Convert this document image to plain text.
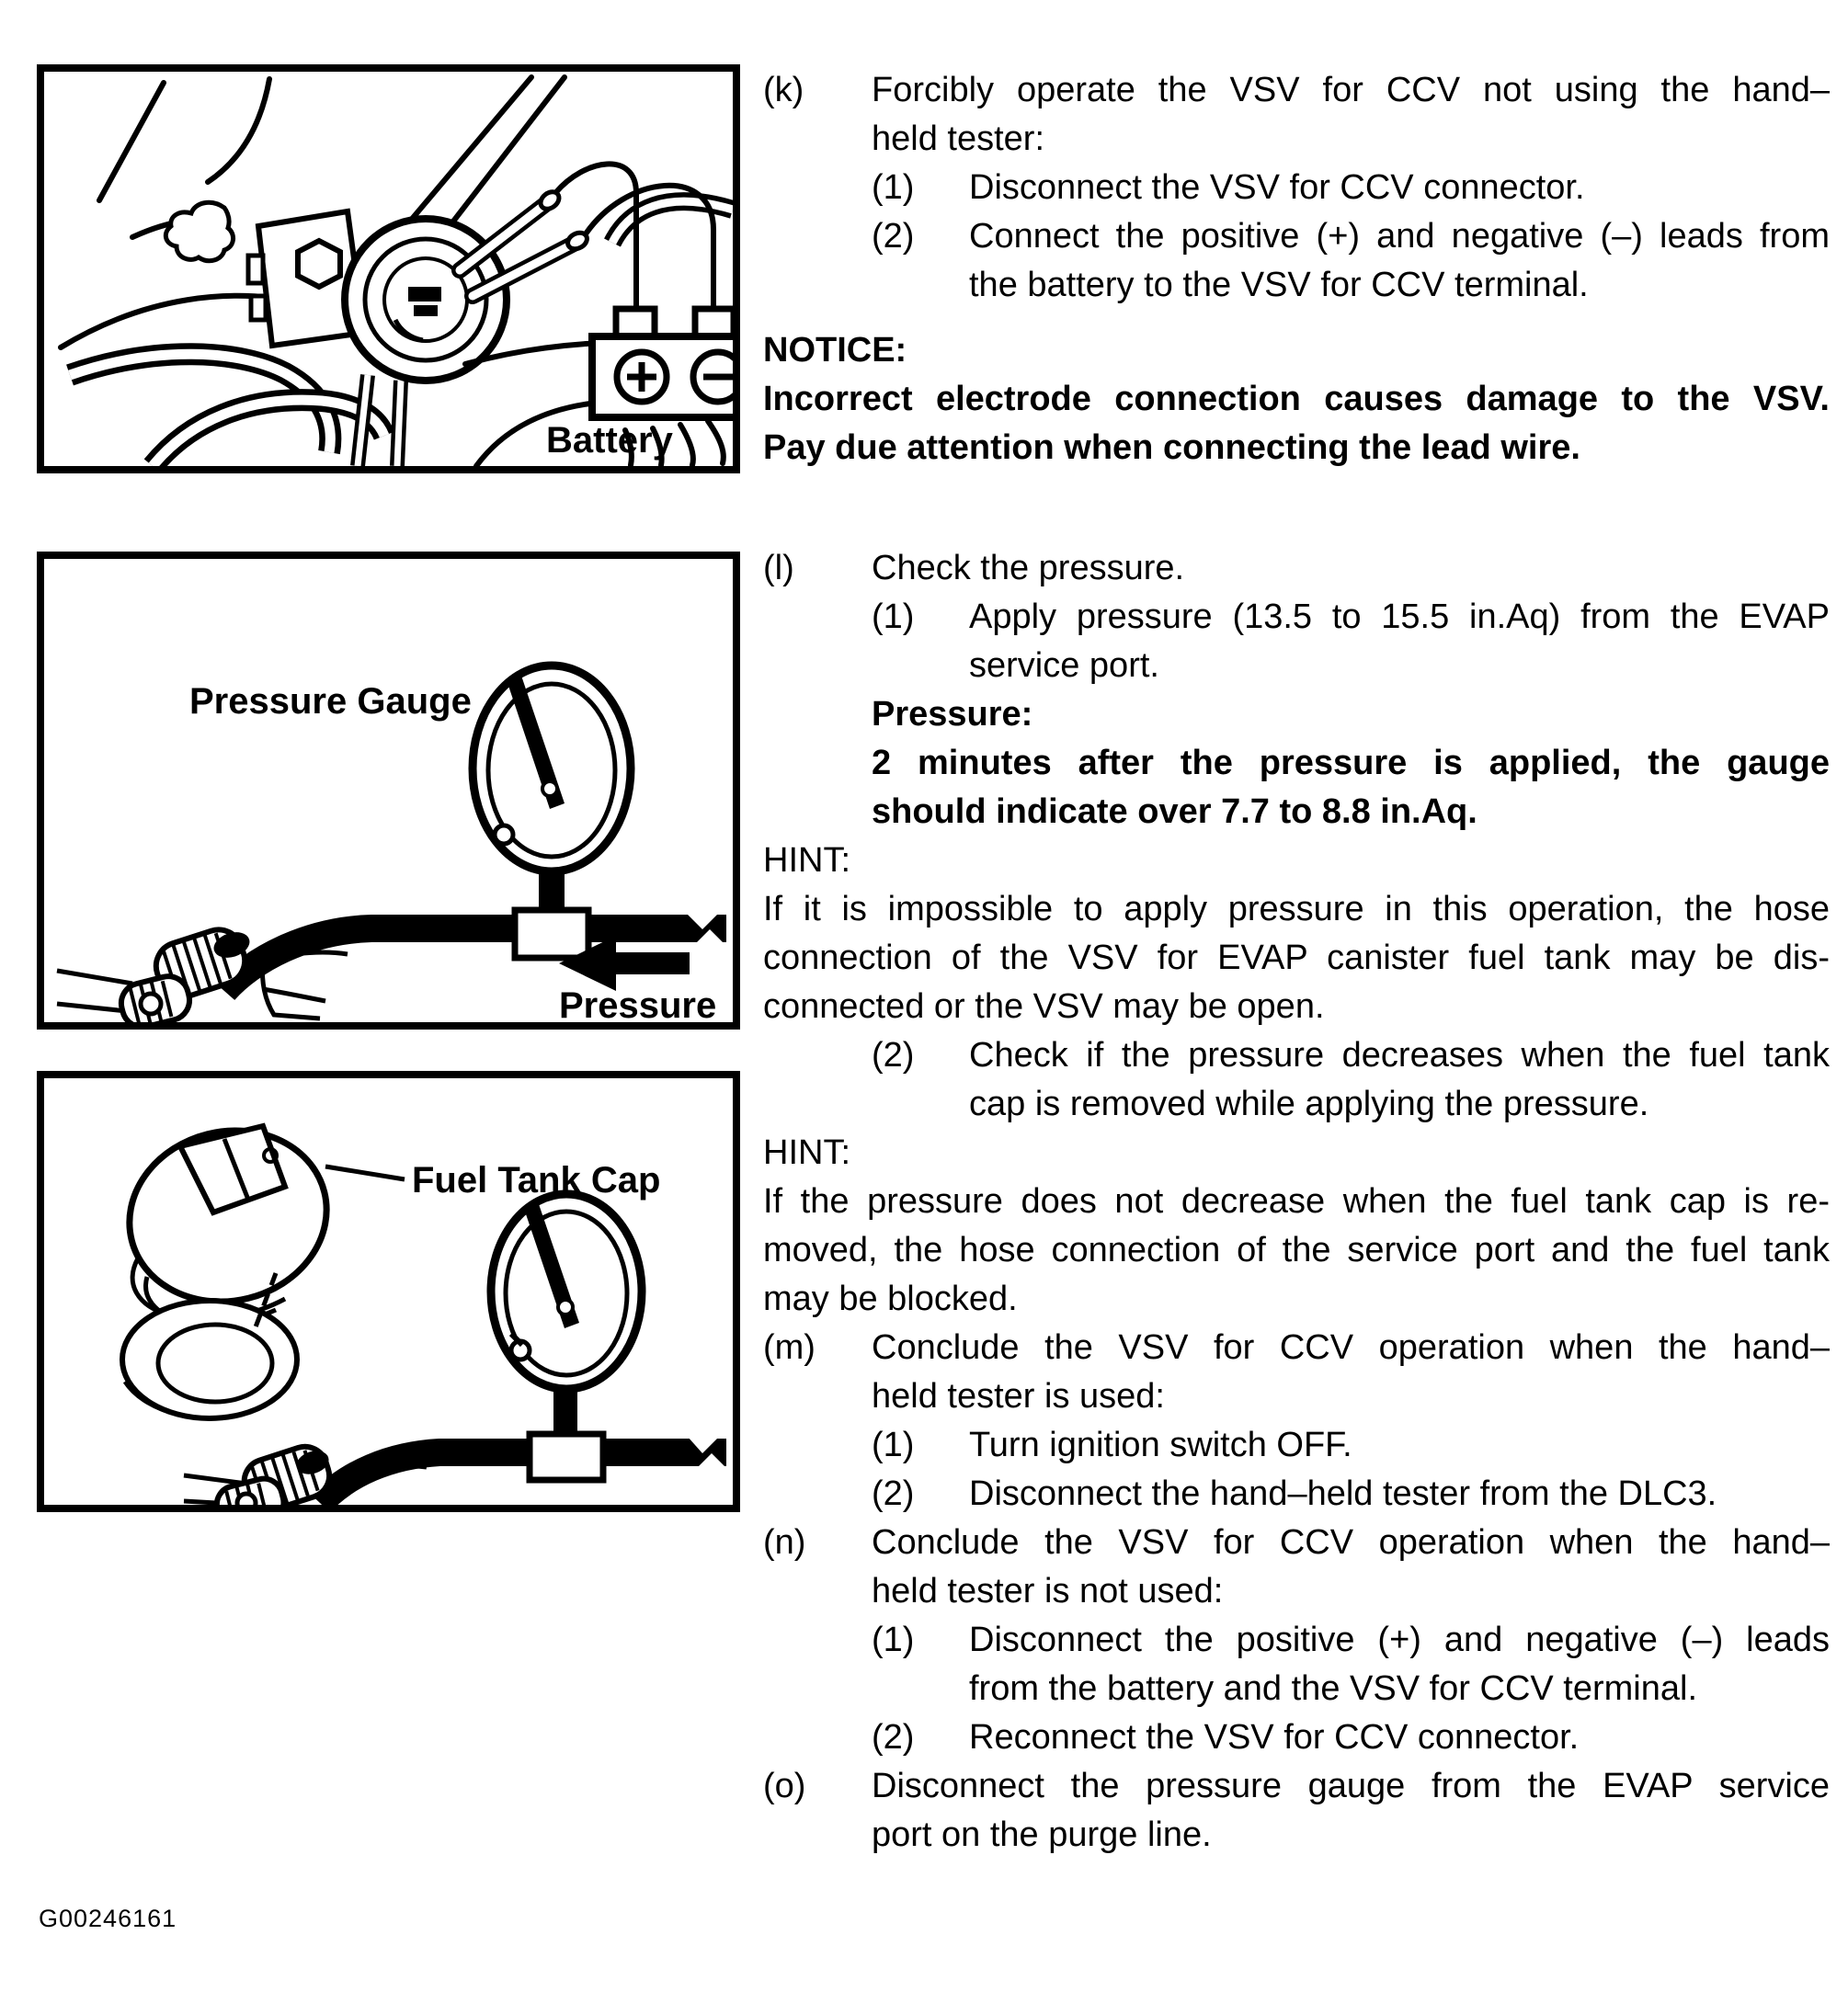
Battery
Pressure Gauge
Pressure
Fuel Tank Cap
G00246161
(k) Forcibly operate the VSV for CCV not using the hand–
held tester:
(1) Disconnect the VSV for CCV connector.
(2) Connect the positive (+) and negative (–) leads from
the battery to the VSV for CCV terminal.
NOTICE:
Incorrect electrode connection causes damage to the VSV.
Pay due attention when connecting the lead wire.
(l) Check the pressure.
(1) Apply pressure (13.5 to 15.5 in.Aq) from the EVAP
service port.
Pressure:
2 minutes after the pressure is applied, the gauge
should indicate over 7.7 to 8.8 in.Aq.
HINT:
If it is impossible to apply pressure in this operation, the hose
connection of the VSV for EVAP canister fuel tank may be dis-
connected or the VSV may be open.
(2) Check if the pressure decreases when the fuel tank
cap is removed while applying the pressure.
HINT:
If the pressure does not decrease when the fuel tank cap is re-
moved, the hose connection of the service port and the fuel tank
may be blocked.
(m) Conclude the VSV for CCV operation when the hand–
held tester is used:
(1) Turn ignition switch OFF.
(2) Disconnect the hand–held tester from the DLC3.
(n) Conclude the VSV for CCV operation when the hand–
held tester is not used:
(1) Disconnect the positive (+) and negative (–) leads
from the battery and the VSV for CCV terminal.
(2) Reconnect the VSV for CCV connector.
(o) Disconnect the pressure gauge from the EVAP service
port on the purge line.
